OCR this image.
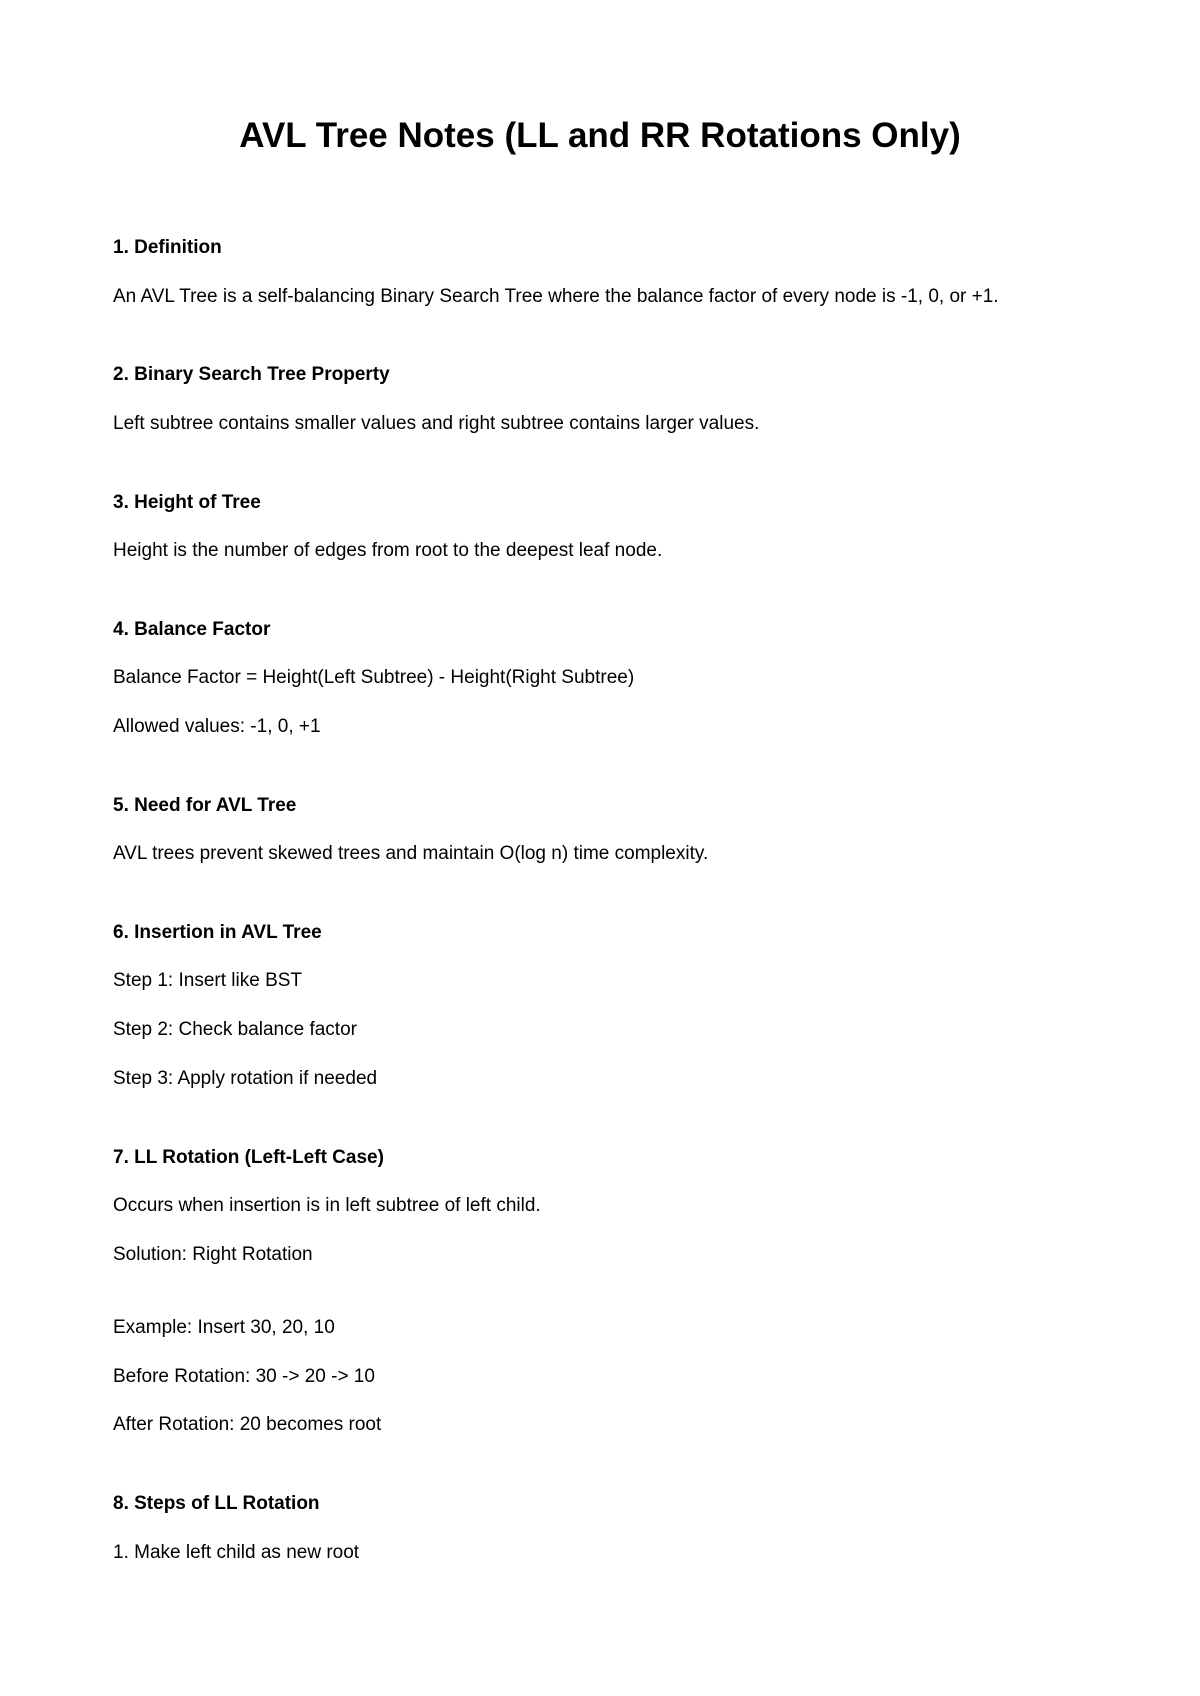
AVL Tree Notes (LL and RR Rotations Only)
1. Definition

An AVL Tree is a self-balancing Binary Search Tree where the balance factor of every node is -1, 0, or +1.

2. Binary Search Tree Property

Left subtree contains smaller values and right subtree contains larger values.

3. Height of Tree

Height is the number of edges from root to the deepest leaf node.

4. Balance Factor

Balance Factor = Height(Left Subtree) - Height(Right Subtree)

Allowed values: -1, 0, +1

5. Need for AVL Tree

AVL trees prevent skewed trees and maintain O(log n) time complexity.

6. Insertion in AVL Tree

Step 1: Insert like BST

Step 2: Check balance factor

Step 3: Apply rotation if needed

7. LL Rotation (Left-Left Case)

Occurs when insertion is in left subtree of left child.

Solution: Right Rotation

Example: Insert 30, 20, 10

Before Rotation: 30 -> 20 -> 10

After Rotation: 20 becomes root

8. Steps of LL Rotation

1. Make left child as new root
